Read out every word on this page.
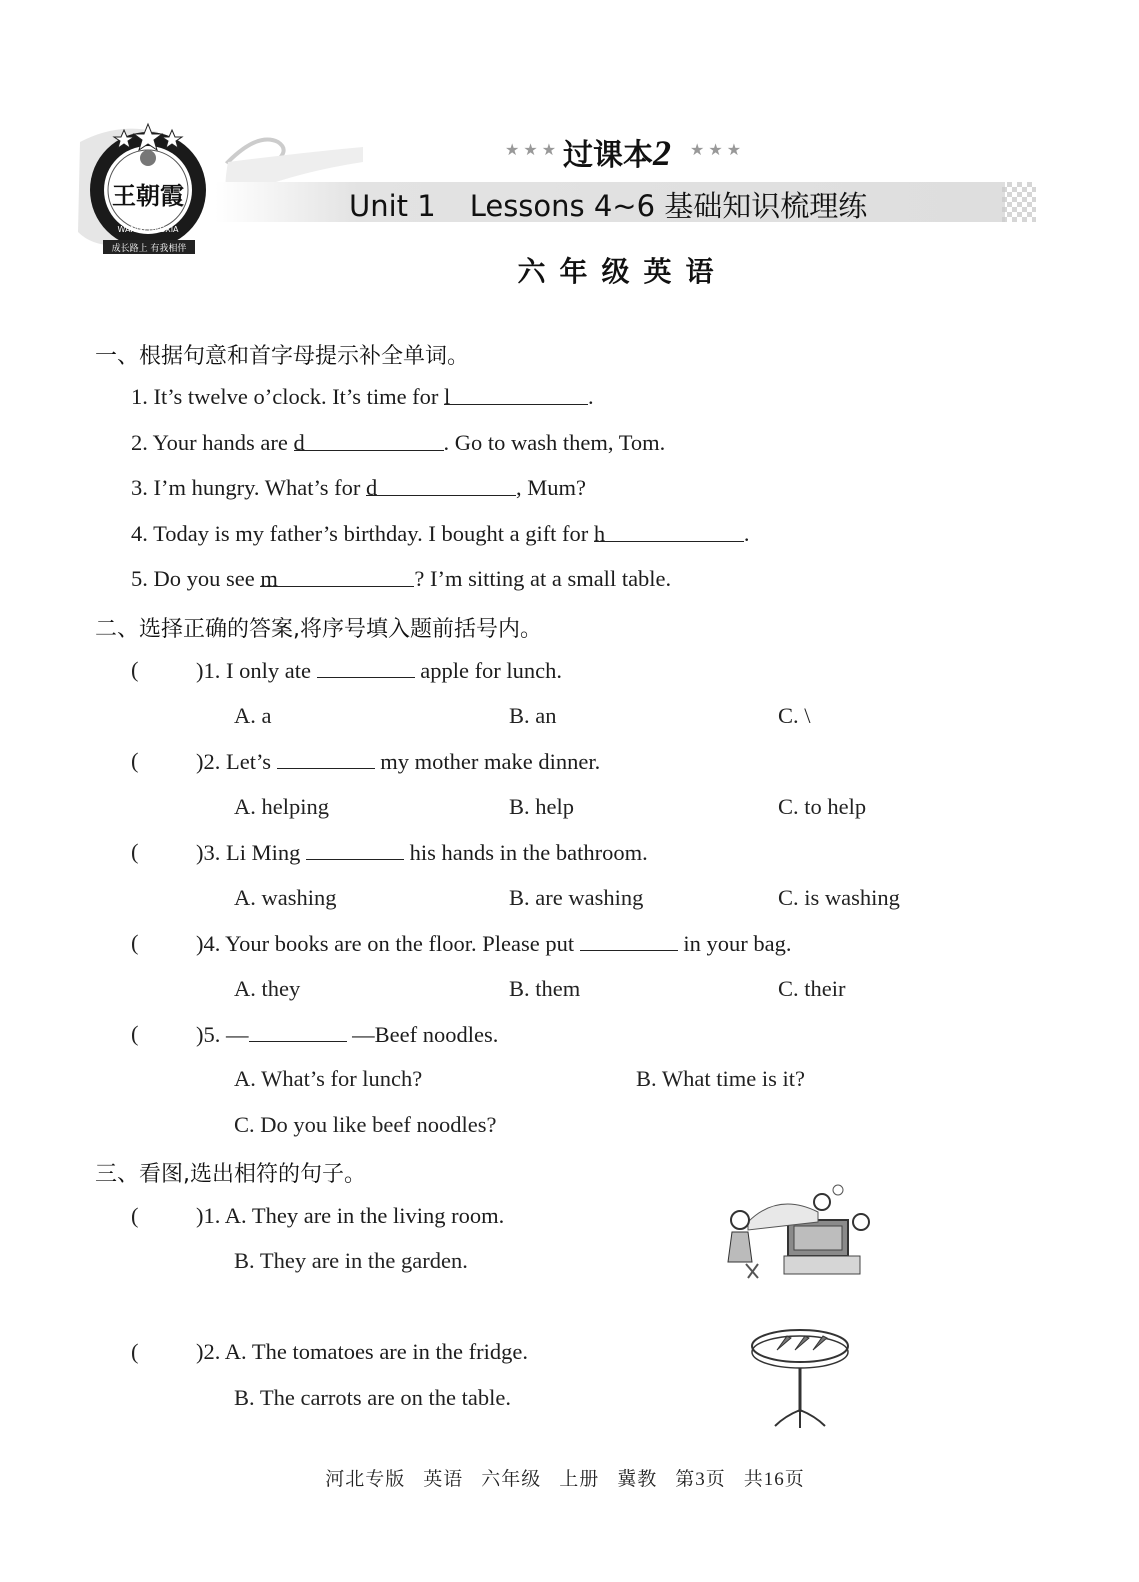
王朝霞
WANGZHAOXIA
成长路上 有我相伴
★★★ 过课本2 ★★★
Unit 1 Lessons 4~6 基础知识梳理练
六年级英语
一、根据句意和首字母提示补全单词。
1. It’s twelve o’clock. It’s time for l	.
2. Your hands are d	. Go to wash them, Tom.
3. I’m hungry. What’s for d	, Mum?
4. Today is my father’s birthday. I bought a gift for h	.
5. Do you see m	? I’m sitting at a small table.
二、选择正确的答案,将序号填入题前括号内。
(	)1. I only ate	apple for lunch.
A. a	B. an	C. \
(	)2. Let’s	my mother make dinner.
A. helping	B. help	C. to help
(	)3. Li Ming	his hands in the bathroom.
A. washing	B. are washing	C. is washing
(	)4. Your books are on the floor. Please put	in your bag.
A. they	B. them	C. their
(	)5. —	—Beef noodles.
A. What’s for lunch?	B. What time is it?
C. Do you like beef noodles?
三、看图,选出相符的句子。
(	)1. A. They are in the living room.
B. They are in the garden.
(	)2. A. The tomatoes are in the fridge.
B. The carrots are on the table.
河北专版 英语 六年级 上册 冀教 第3页 共16页
